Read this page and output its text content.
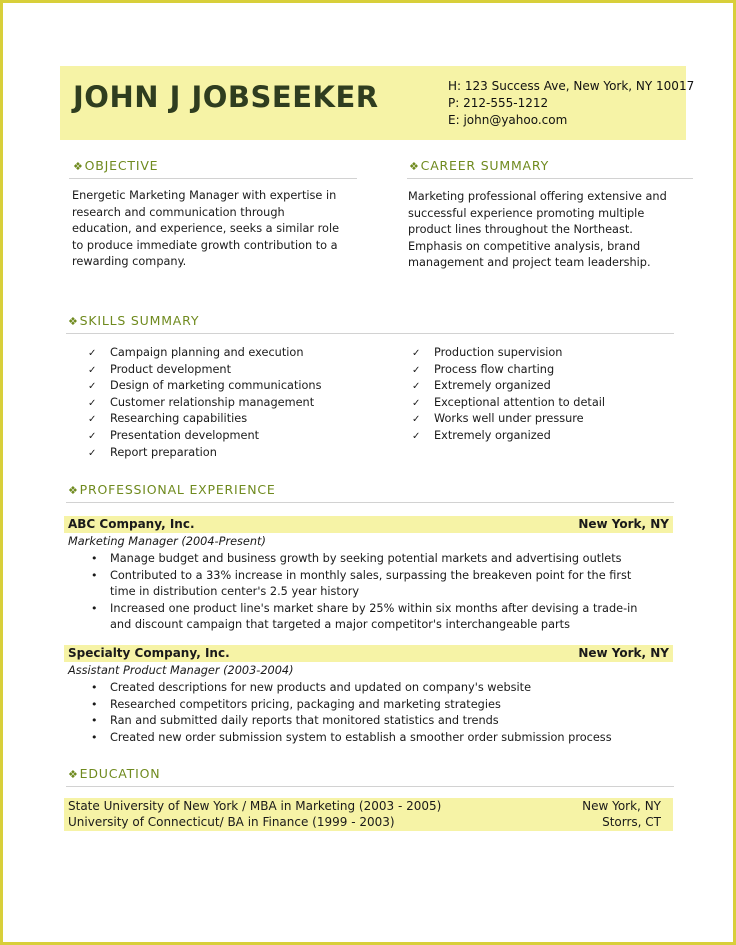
JOHN J JOBSEEKER	H: 123 Success Ave, New York, NY 10017
P: 212-555-1212
E: john@yahoo.com
❖OBJECTIVE
Energetic Marketing Manager with expertise in
research and communication through
education, and experience, seeks a similar role
to produce immediate growth contribution to a
rewarding company.
❖CAREER SUMMARY
Marketing professional offering extensive and
successful experience promoting multiple
product lines throughout the Northeast.
Emphasis on competitive analysis, brand
management and project team leadership.
❖SKILLS SUMMARY
✓ Campaign planning and execution
✓ Product development
✓ Design of marketing communications
✓ Customer relationship management
✓ Researching capabilities
✓ Presentation development
✓ Report preparation
✓ Production supervision
✓ Process flow charting
✓ Extremely organized
✓ Exceptional attention to detail
✓ Works well under pressure
✓ Extremely organized
❖PROFESSIONAL EXPERIENCE
ABC Company, Inc.	New York, NY
Marketing Manager (2004-Present)
• Manage budget and business growth by seeking potential markets and advertising outlets
• Contributed to a 33% increase in monthly sales, surpassing the breakeven point for the first
time in distribution center's 2.5 year history
• Increased one product line's market share by 25% within six months after devising a trade-in
and discount campaign that targeted a major competitor's interchangeable parts
Specialty Company, Inc.	New York, NY
Assistant Product Manager (2003-2004)
• Created descriptions for new products and updated on company's website
• Researched competitors pricing, packaging and marketing strategies
• Ran and submitted daily reports that monitored statistics and trends
• Created new order submission system to establish a smoother order submission process
❖EDUCATION
State University of New York / MBA in Marketing (2003 - 2005)	New York, NY
University of Connecticut/ BA in Finance (1999 - 2003)	Storrs, CT
